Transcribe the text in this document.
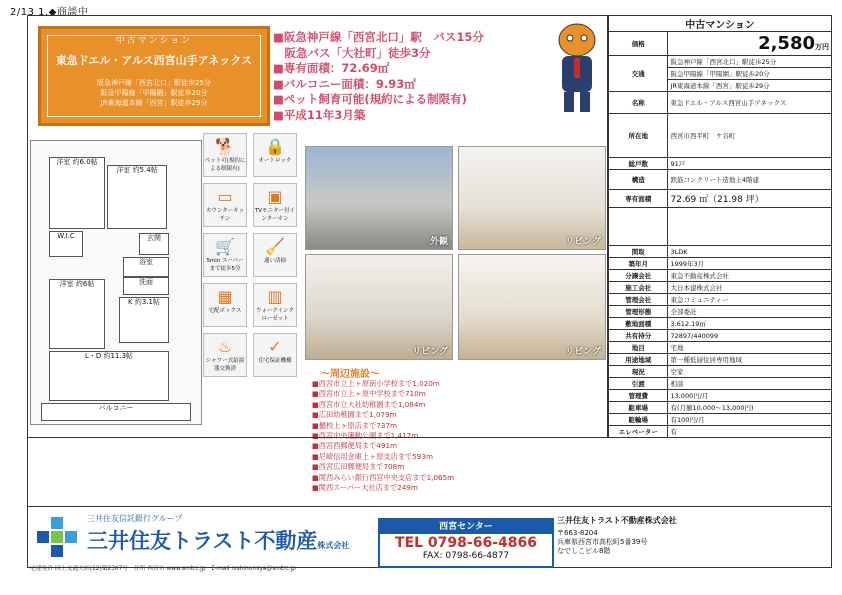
2/13 1.◆商談中
中古マンション
東急ドエル・アルス西宮山手アネックス
阪急神戸線「西宮北口」駅徒歩25分
阪急甲陽線「甲陽園」駅徒歩20分
JR東海道本線「西宮」駅徒歩29分
■阪急神戸線「西宮北口」駅　バス15分
　阪急バス「大社町」徒歩3分
■専有面積：72.69㎡
■バルコニー面積：9.93㎡
■ペット飼育可能(規約による制限有)
■平成11年3月築
洋室 約6.0帖
洋室 約5.4帖
W.I.C
洋室 約6帖
K 約3.1帖
L・D 約11.3帖
バルコニー
玄関
浴室
洗面
🐕
ペット可(規約による制限有)
🔒
オートロック
▭
カウンターキッチン
▣
TVモニター付インターホン
🛒
5min スーパーまで徒歩5分
🧹
通い清掃
▦
宅配ボックス
▥
ウォークインクローゼット
♨
シャワー式給湯器交換済
✓
住宅保証機構
外観	リビング
リビング	リビング
〜周辺施設〜
■西宮市立上ヶ原南小学校まで1,020m
■西宮市立上ヶ原中学校まで710m
■西宮市立大社幼稚園まで1,084m
■広田幼稚園まで1,079m
■樋校上ヶ原店まで737m
■西宮中央運動公園まで1,417m
■西宮西郵便局まで491m
■尼崎信用金庫上ヶ原支店まで593m
■西宮広田郵便局まで708m
■関西みらい銀行西宮中央支店まで1,065m
■関西スーパー大社店まで249m
中古マンション	
価格	2,580万円
交通	阪急神戸線「西宮北口」駅徒歩25分
	阪急甲陽線「甲陽園」駅徒歩20分
	JR東海道本線「西宮」駅徒歩29分
名称	東急ドエル・アルス西宮山手アネックス
所在地	西宮市西平町　ケ谷町
総戸数	91戸
構造	鉄筋コンクリート造地上4階建
専有面積	72.69 ㎡（21.98 坪）

間取	3LDK
築年月	1999年3月
分譲会社	東急不動産株式会社
施工会社	大日本建株式会社
管理会社	東急コミュニティー
管理形態	全部委託
敷地面積	3,612.19㎡
共有持分	72897/440099
地目	宅地
用途地域	第一種低層住居専用地域
現況	空家
引渡	相談
管理費	13,000円/月
駐車場	有(月額10,000〜13,000円)
駐輪場	有100円/月
エレベーター	有
三井住友信託銀行グループ
三井住友トラスト不動産株式会社
三井住友トラスト不動産株式会社
〒663-8204
兵庫県西宮市高松町5番39号
なでしこビル8階
西宮センター
TEL 0798-66-4866
FAX: 0798-66-4877
宅建免許 国土交通大臣(12)第2307号　住所 西宮市 www.smtrc.jp　E-mail nishinomiya@smtrc.jp
